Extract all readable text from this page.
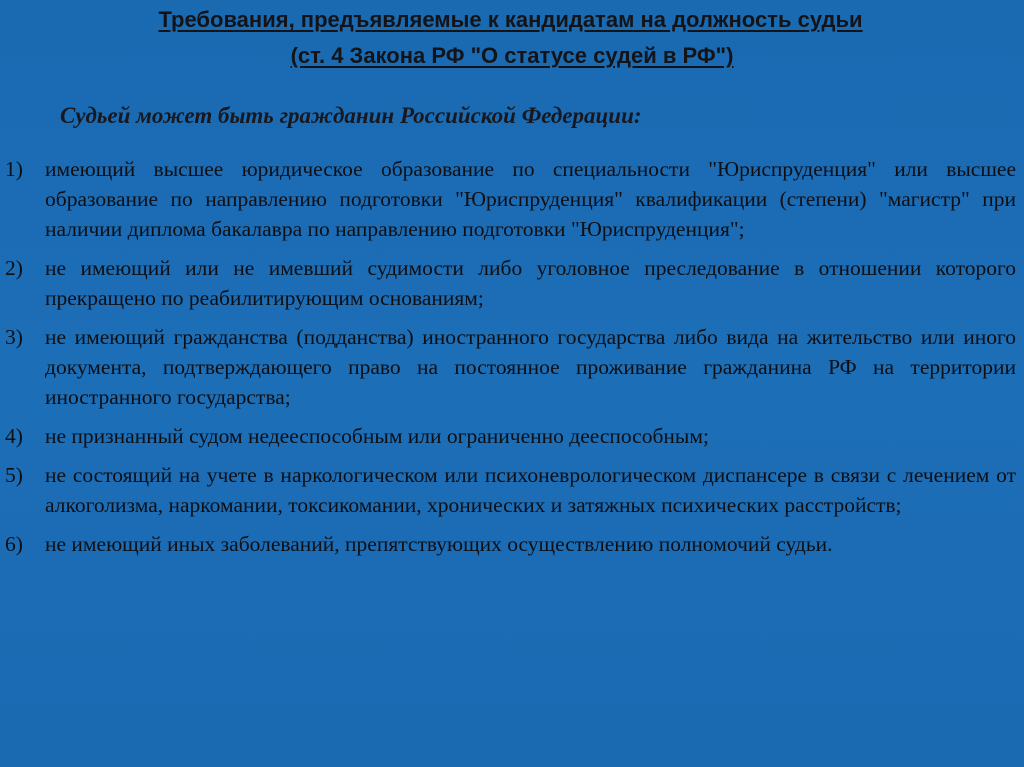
Требования, предъявляемые к кандидатам на должность судьи
(ст. 4 Закона РФ "О статусе судей в РФ")
Судьей может быть гражданин Российской Федерации:
1) имеющий высшее юридическое образование по специальности "Юриспруденция" или высшее образование по направлению подготовки "Юриспруденция" квалификации (степени) "магистр" при наличии диплома бакалавра по направлению подготовки "Юриспруденция";
2) не имеющий или не имевший судимости либо уголовное преследование в отношении которого прекращено по реабилитирующим основаниям;
3) не имеющий гражданства (подданства) иностранного государства либо вида на жительство или иного документа, подтверждающего право на постоянное проживание гражданина РФ на территории иностранного государства;
4) не признанный судом недееспособным или ограниченно дееспособным;
5) не состоящий на учете в наркологическом или психоневрологическом диспансере в связи с лечением от алкоголизма, наркомании, токсикомании, хронических и затяжных психических расстройств;
6) не имеющий иных заболеваний, препятствующих осуществлению полномочий судьи.
